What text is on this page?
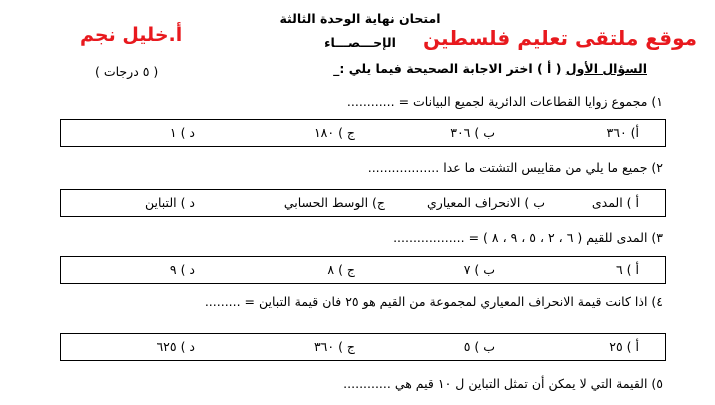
موقع ملتقى تعليم فلسطين
أ.خليل نجم
امتحان نهاية الوحدة الثالثة
الإحـــصـــاء
السؤال الأول ( أ ) اختر الاجابة الصحيحة فيما يلي :_
( ٥ درجات )
١) مجموع زوايا القطاعات الدائرية لجميع البيانات = ............
أ) ٣٦٠
ب ) ٣٠٦
ج ) ١٨٠
د ) ١
٢) جميع ما يلي من مقاييس التشتت ما عدا ..................
أ ) المدى
ب ) الانحراف المعياري
ج) الوسط الحسابي
د ) التباين
٣) المدى للقيم ( ٦ ، ٢ ، ٥ ، ٩ ، ٨ ) = ..................
أ ) ٦
ب ) ٧
ج ) ٨
د ) ٩
٤) اذا كانت قيمة الانحراف المعياري لمجموعة من القيم هو ٢٥ فان قيمة التباين = .........
أ ) ٢٥
ب ) ٥
ج ) ٣٦٠
د ) ٦٢٥
٥) القيمة التي لا يمكن أن تمثل التباين ل ١٠ قيم هي ............
